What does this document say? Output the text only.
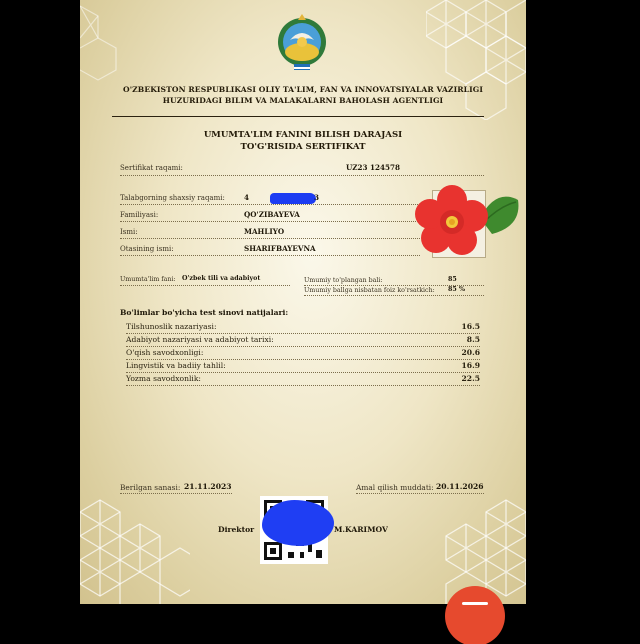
O'ZBEKISTON RESPUBLIKASI OLIY TA'LIM, FAN VA INNOVATSIYALAR VAZIRLIGI
HUZURIDAGI BILIM VA MALAKALARNI BAHOLASH AGENTLIGI
UMUMTA'LIM FANINI BILISH DARAJASI
TO'G'RISIDA SERTIFIKAT
Sertifikat raqami:	UZ23 124578
Talabgorning shaxsiy raqami:	4	3
Familiyasi:	QO'ZIBAYEVA
Ismi:	MAHLIYO
Otasining ismi:	SHARIFBAYEVNA
Umumta'lim fani: O'zbek tili va adabiyot	Umumiy to'plangan bali:	85
Umumiy ballga nisbatan foiz ko'rsatkich: 85 %
Bo'limlar bo'yicha test sinovi natijalari:
Tilshunoslik nazariyasi:	16.5
Adabiyot nazariyasi va adabiyot tarixi:	8.5
O'qish savodxonligi:	20.6
Lingvistik va badiiy tahlil:	16.9
Yozma savodxonlik:	22.5
Berilgan sanasi: 21.11.2023	Amal qilish muddati: 20.11.2026
Direktor	M.KARIMOV
